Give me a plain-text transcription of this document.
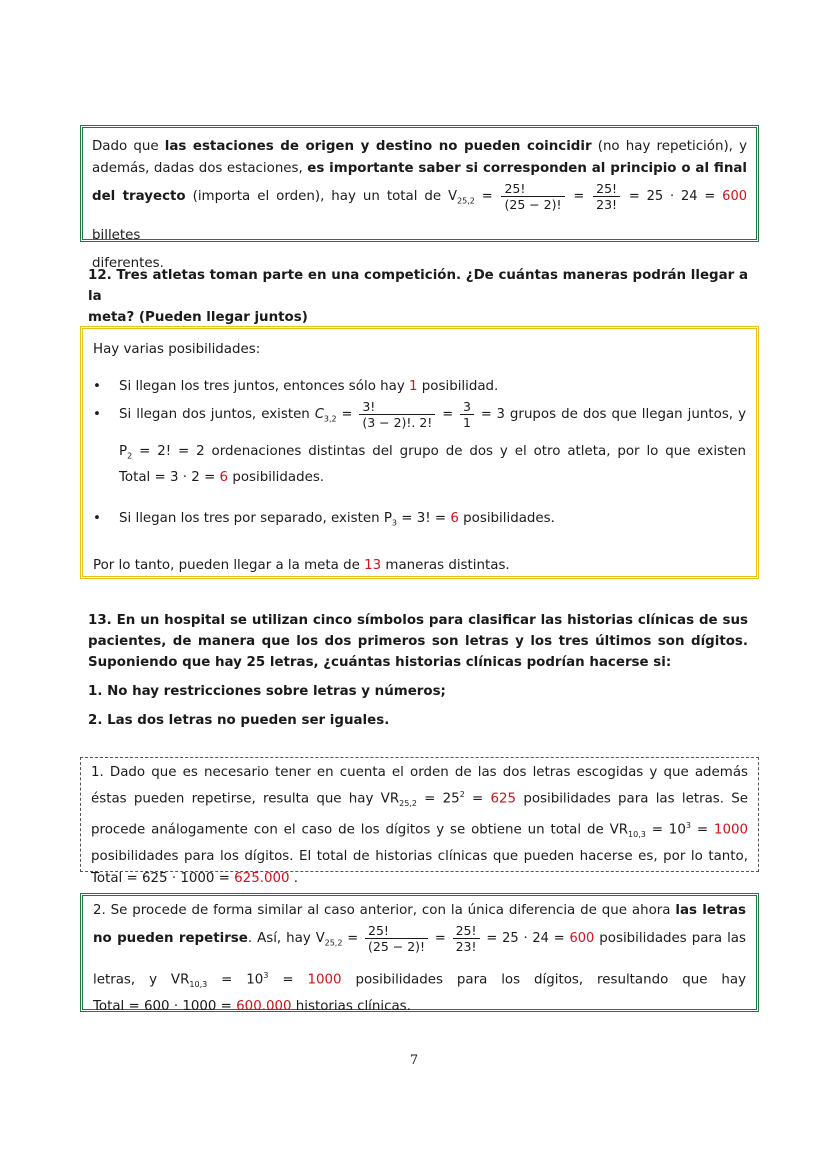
Dado que las estaciones de origen y destino no pueden coincidir (no hay repetición), y
además, dadas dos estaciones, es importante saber si corresponden al principio o al final
del trayecto (importa el orden), hay un total de $V_{25,2} = \frac{25!}{(25 - 2)!} = \frac{25!}{23!} = 25 \cdot 24 = 600$ billetes
diferentes.
12. Tres atletas toman parte en una competición. ¿De cuántas maneras podrán llegar a la
meta? (Pueden llegar juntos)
Hay varias posibilidades:
• Si llegan los tres juntos, entonces sólo hay 1 posibilidad.
• Si llegan dos juntos, existen $C_{3,2} = \frac{3!}{(3 - 2)!. 2!} = \frac{3}{1} = 3$ grupos de dos que llegan juntos, y
$P_2 = 2$! = 2 ordenaciones distintas del grupo de dos y el otro atleta, por lo que existen
Total = 3 · 2 = 6 posibilidades.
• Si llegan los tres por separado, existen $P_3 = 3$! = 6 posibilidades.
Por lo tanto, pueden llegar a la meta de 13 maneras distintas.
13. En un hospital se utilizan cinco símbolos para clasificar las historias clínicas de sus
pacientes, de manera que los dos primeros son letras y los tres últimos son dígitos.
Suponiendo que hay 25 letras, ¿cuántas historias clínicas podrían hacerse si:
1. No hay restricciones sobre letras y números;
2. Las dos letras no pueden ser iguales.
1. Dado que es necesario tener en cuenta el orden de las dos letras escogidas y que además
éstas pueden repetirse, resulta que hay $VR_{25,2} = 25^2 = 625$ posibilidades para las letras. Se
procede análogamente con el caso de los dígitos y se obtiene un total de $VR_{10,3} = 10^3 = 1000$
posibilidades para los dígitos. El total de historias clínicas que pueden hacerse es, por lo tanto,
Total = 625 · 1000 = 625.000 .
2. Se procede de forma similar al caso anterior, con la única diferencia de que ahora las letras
no pueden repetirse. Así, hay $V_{25,2} = \frac{25!}{(25 - 2)!} = \frac{25!}{23!} = 25 \cdot 24 = 600$ posibilidades para las
letras, y $VR_{10,3} = 10^3 = 1000$ posibilidades para los dígitos, resultando que hay
Total = 600 · 1000 = 600.000 historias clínicas.
7
